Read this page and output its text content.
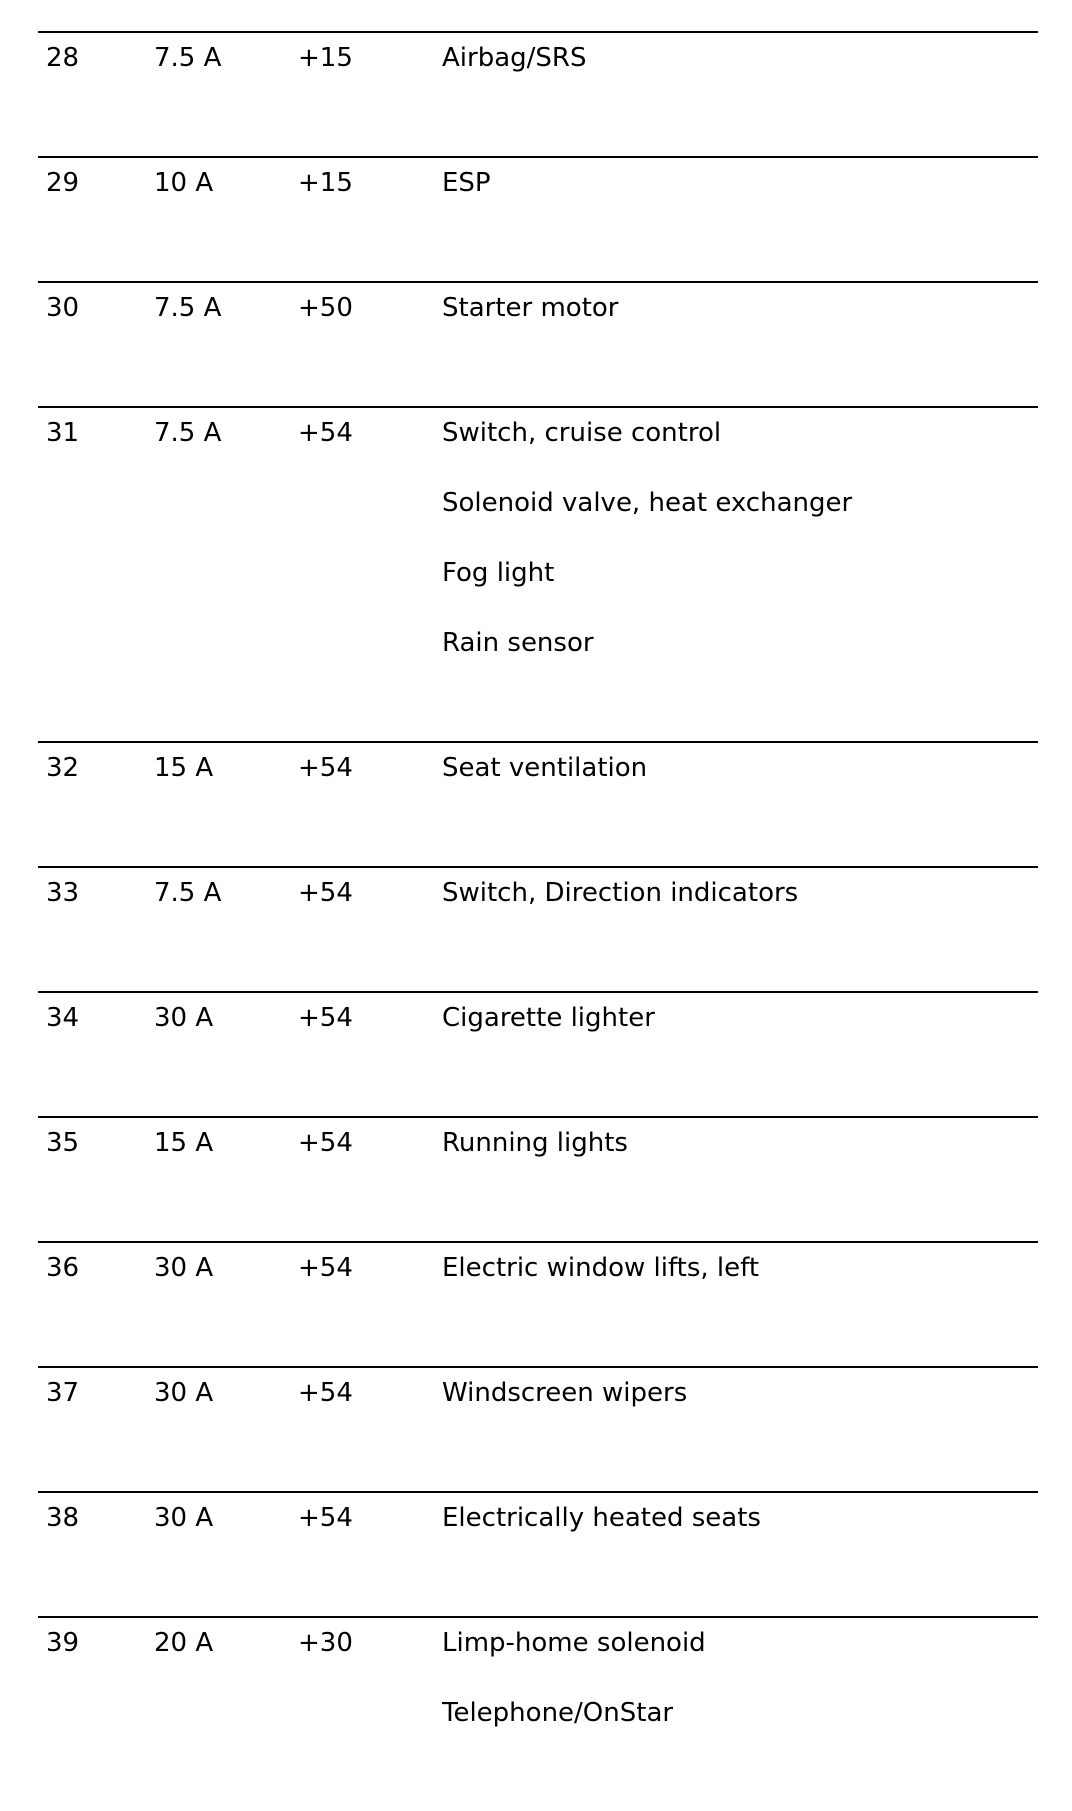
28	7.5 A	+15	Airbag/SRS
29	10 A	+15	ESP
30	7.5 A	+50	Starter motor
31	7.5 A	+54	Switch, cruise control
Solenoid valve, heat exchanger
Fog light
Rain sensor
32	15 A	+54	Seat ventilation
33	7.5 A	+54	Switch, Direction indicators
34	30 A	+54	Cigarette lighter
35	15 A	+54	Running lights
36	30 A	+54	Electric window lifts, left
37	30 A	+54	Windscreen wipers
38	30 A	+54	Electrically heated seats
39	20 A	+30	Limp-home solenoid
Telephone/OnStar
